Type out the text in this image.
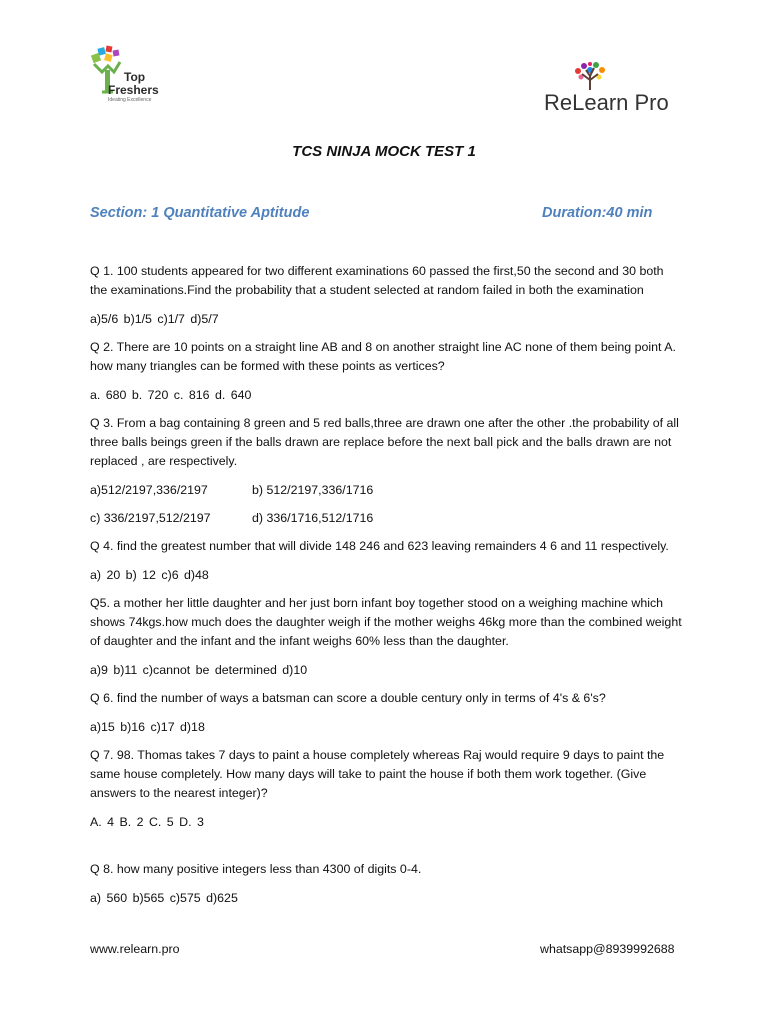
Top
Freshers
Ideating Excellence	ReLearn Pro
TCS NINJA MOCK TEST 1
Section: 1 Quantitative Aptitude	Duration:40 min

Q 1. 100 students appeared for two different examinations 60 passed the first,50 the second and 30 both the examinations.Find the probability that a student selected at random failed in both the examination

a)5/6 b)1/5 c)1/7 d)5/7

Q 2. There are 10 points on a straight line AB and 8 on another straight line AC none of them being point A. how many triangles can be formed with these points as vertices?

a. 680 b. 720 c. 816 d. 640

Q 3. From a bag containing 8 green and 5 red balls,three are drawn one after the other .the probability of all three balls beings green if the balls drawn are replace before the next ball pick and the balls drawn are not replaced , are respectively.

a)512/2197,336/2197	b) 512/2197,336/1716
c) 336/2197,512/2197	d) 336/1716,512/1716

Q 4. find the greatest number that will divide 148 246 and 623 leaving remainders 4 6 and 11 respectively.

a) 20 b) 12 c)6 d)48

Q5. a mother her little daughter and her just born infant boy together stood on a weighing machine which shows 74kgs.how much does the daughter weigh if the mother weighs 46kg more than the combined weight of daughter and the infant and the infant weighs 60% less than the daughter.

a)9 b)11 c)cannot be determined d)10

Q 6. find the number of ways a batsman can score a double century only in terms of 4's & 6's?

a)15 b)16 c)17 d)18

Q 7. 98. Thomas takes 7 days to paint a house completely whereas Raj would require 9 days to paint the same house completely. How many days will take to paint the house if both them work together. (Give answers to the nearest integer)?

A. 4 B. 2 C. 5 D. 3

Q 8. how many positive integers less than 4300 of digits 0-4.

a) 560 b)565 c)575 d)625

www.relearn.pro	whatsapp@8939992688
